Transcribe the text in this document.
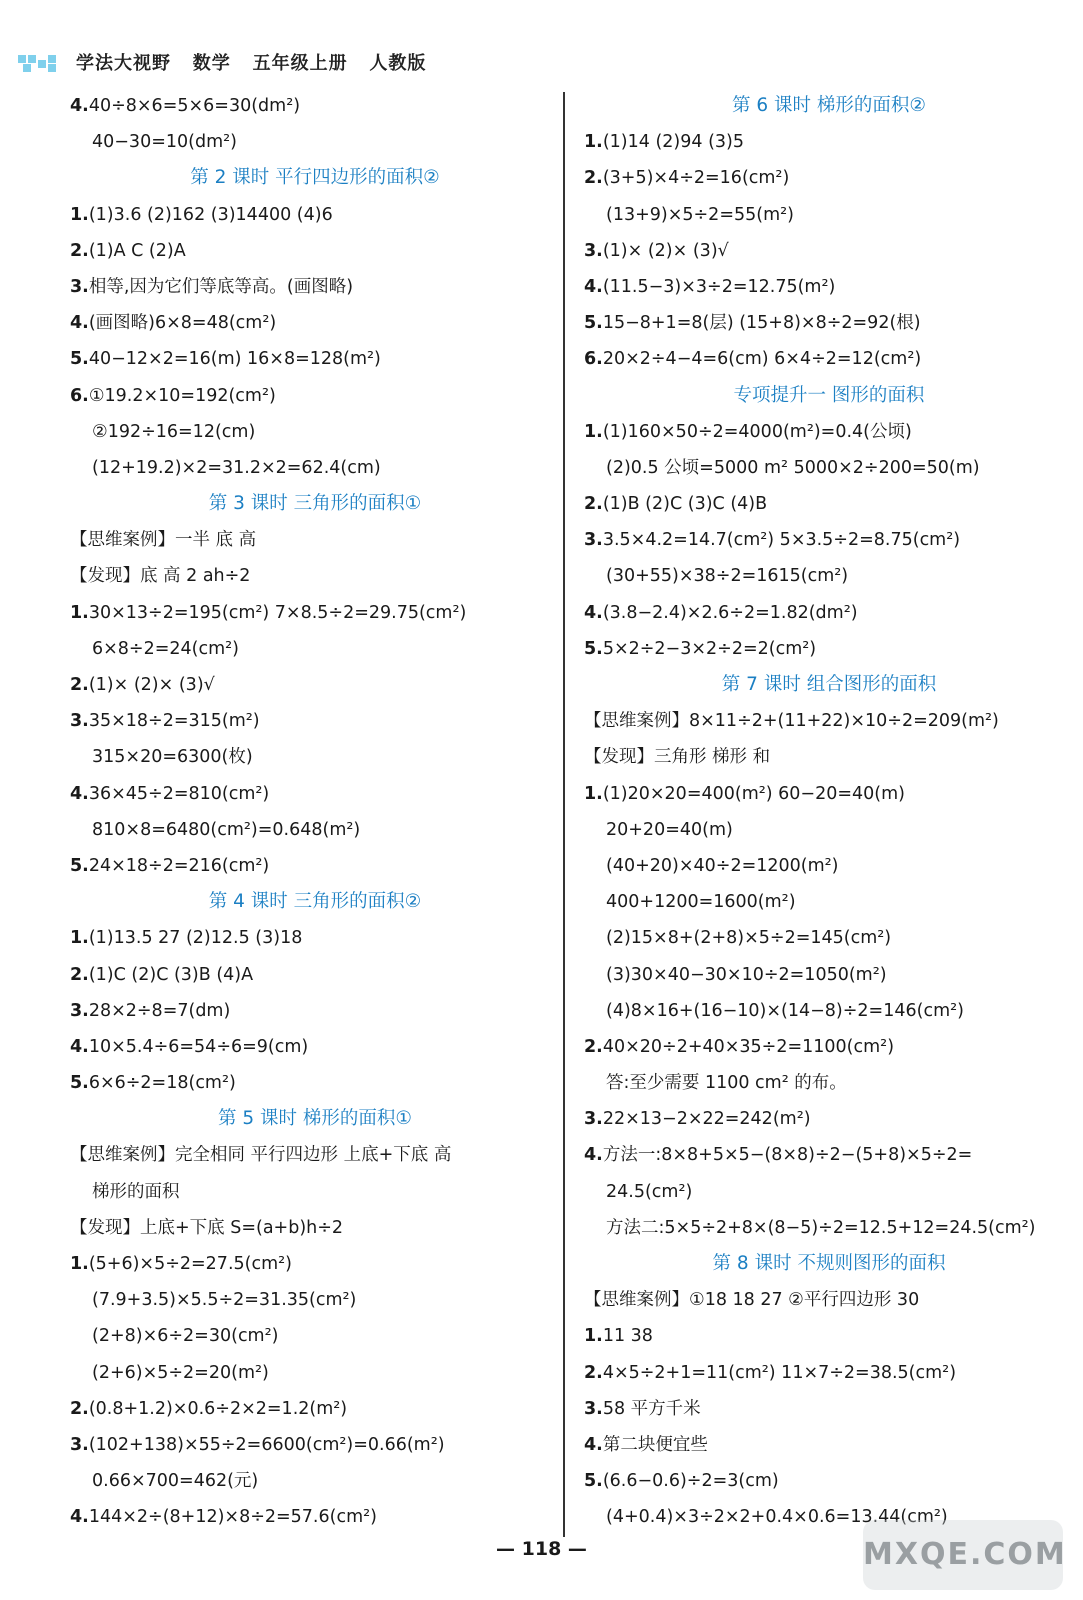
学法大视野   数学   五年级上册   人教版
4.40÷8×6=5×6=30(dm²)
40−30=10(dm²)
第 2 课时 平行四边形的面积②
1.(1)3.6 (2)162 (3)14400 (4)6
2.(1)A C (2)A
3.相等,因为它们等底等高。(画图略)
4.(画图略)6×8=48(cm²)
5.40−12×2=16(m) 16×8=128(m²)
6.①19.2×10=192(cm²)
②192÷16=12(cm)
(12+19.2)×2=31.2×2=62.4(cm)
第 3 课时 三角形的面积①
【思维案例】一半 底 高
【发现】底 高 2 ah÷2
1.30×13÷2=195(cm²) 7×8.5÷2=29.75(cm²)
6×8÷2=24(cm²)
2.(1)× (2)× (3)√
3.35×18÷2=315(m²)
315×20=6300(枚)
4.36×45÷2=810(cm²)
810×8=6480(cm²)=0.648(m²)
5.24×18÷2=216(cm²)
第 4 课时 三角形的面积②
1.(1)13.5 27 (2)12.5 (3)18
2.(1)C (2)C (3)B (4)A
3.28×2÷8=7(dm)
4.10×5.4÷6=54÷6=9(cm)
5.6×6÷2=18(cm²)
第 5 课时 梯形的面积①
【思维案例】完全相同 平行四边形 上底+下底 高
梯形的面积
【发现】上底+下底 S=(a+b)h÷2
1.(5+6)×5÷2=27.5(cm²)
(7.9+3.5)×5.5÷2=31.35(cm²)
(2+8)×6÷2=30(cm²)
(2+6)×5÷2=20(m²)
2.(0.8+1.2)×0.6÷2×2=1.2(m²)
3.(102+138)×55÷2=6600(cm²)=0.66(m²)
0.66×700=462(元)
4.144×2÷(8+12)×8÷2=57.6(cm²)
第 6 课时 梯形的面积②
1.(1)14 (2)94 (3)5
2.(3+5)×4÷2=16(cm²)
(13+9)×5÷2=55(m²)
3.(1)× (2)× (3)√
4.(11.5−3)×3÷2=12.75(m²)
5.15−8+1=8(层) (15+8)×8÷2=92(根)
6.20×2÷4−4=6(cm) 6×4÷2=12(cm²)
专项提升一 图形的面积
1.(1)160×50÷2=4000(m²)=0.4(公顷)
(2)0.5 公顷=5000 m² 5000×2÷200=50(m)
2.(1)B (2)C (3)C (4)B
3.3.5×4.2=14.7(cm²) 5×3.5÷2=8.75(cm²)
(30+55)×38÷2=1615(cm²)
4.(3.8−2.4)×2.6÷2=1.82(dm²)
5.5×2÷2−3×2÷2=2(cm²)
第 7 课时 组合图形的面积
【思维案例】8×11÷2+(11+22)×10÷2=209(m²)
【发现】三角形 梯形 和
1.(1)20×20=400(m²) 60−20=40(m)
20+20=40(m)
(40+20)×40÷2=1200(m²)
400+1200=1600(m²)
(2)15×8+(2+8)×5÷2=145(cm²)
(3)30×40−30×10÷2=1050(m²)
(4)8×16+(16−10)×(14−8)÷2=146(cm²)
2.40×20÷2+40×35÷2=1100(cm²)
答:至少需要 1100 cm² 的布。
3.22×13−2×22=242(m²)
4.方法一:8×8+5×5−(8×8)÷2−(5+8)×5÷2=
24.5(cm²)
方法二:5×5÷2+8×(8−5)÷2=12.5+12=24.5(cm²)
第 8 课时 不规则图形的面积
【思维案例】①18 18 27 ②平行四边形 30
1.11 38
2.4×5÷2+1=11(cm²) 11×7÷2=38.5(cm²)
3.58 平方千米
4.第二块便宜些
5.(6.6−0.6)÷2=3(cm)
(4+0.4)×3÷2×2+0.4×0.6=13.44(cm²)
— 118 —	MXQE.COM
